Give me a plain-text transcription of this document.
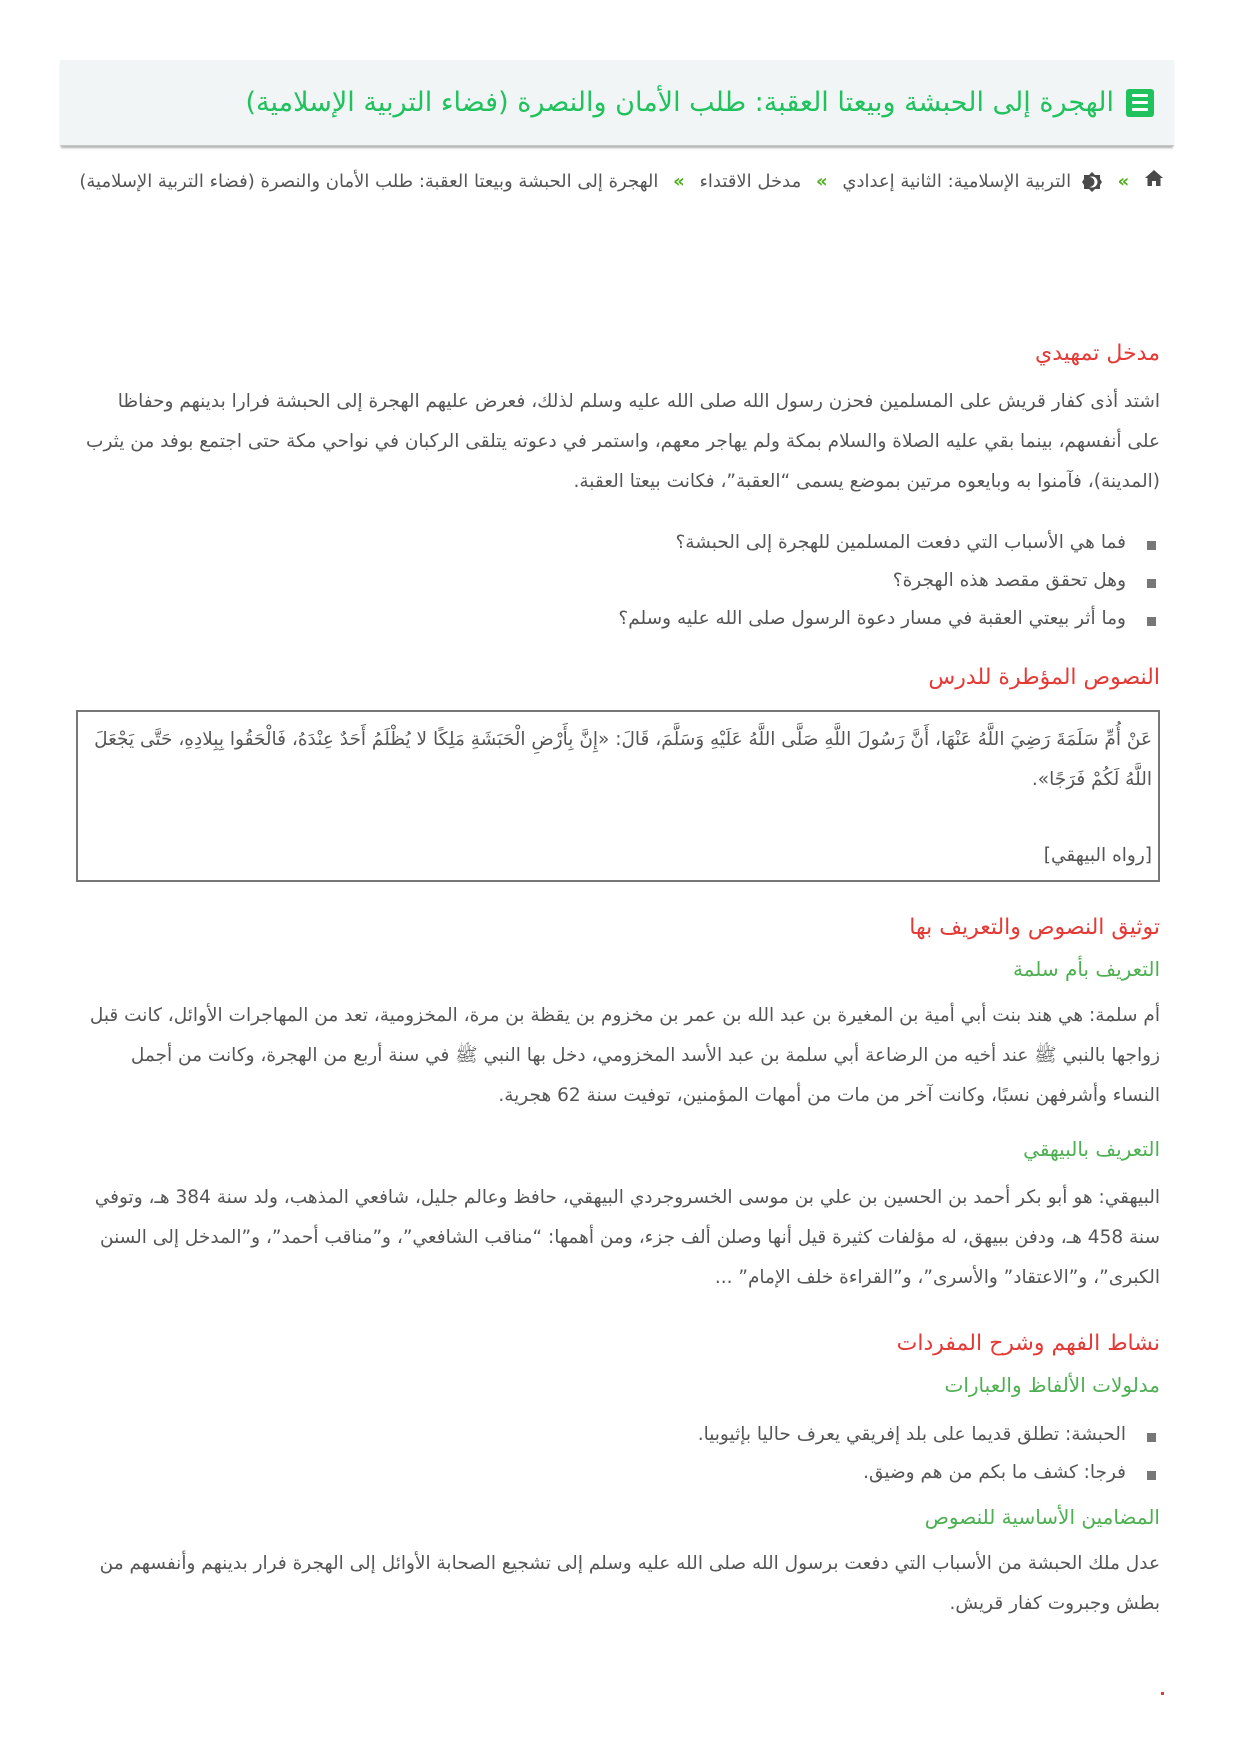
الهجرة إلى الحبشة وبيعتا العقبة: طلب الأمان والنصرة (فضاء التربية الإسلامية)
»  التربية الإسلامية: الثانية إعدادي » مدخل الاقتداء » الهجرة إلى الحبشة وبيعتا العقبة: طلب الأمان والنصرة (فضاء التربية الإسلامية)
مدخل تمهيدي

اشتد أذى كفار قريش على المسلمين فحزن رسول الله صلى الله عليه وسلم لذلك، فعرض عليهم الهجرة إلى الحبشة فرارا بدينهم وحفاظا على أنفسهم، بينما بقي عليه الصلاة والسلام بمكة ولم يهاجر معهم، واستمر في دعوته يتلقى الركبان في نواحي مكة حتى اجتمع بوفد من يثرب (المدينة)، فآمنوا به وبايعوه مرتين بموضع يسمى “العقبة”، فكانت بيعتا العقبة.

فما هي الأسباب التي دفعت المسلمين للهجرة إلى الحبشة؟
وهل تحقق مقصد هذه الهجرة؟
وما أثر بيعتي العقبة في مسار دعوة الرسول صلى الله عليه وسلم؟
النصوص المؤطرة للدرس

عَنْ أُمِّ سَلَمَةَ رَضِيَ اللَّهُ عَنْهَا، أَنَّ رَسُولَ اللَّهِ صَلَّى اللَّهُ عَلَيْهِ وَسَلَّمَ، قَالَ: «إِنَّ بِأَرْضِ الْحَبَشَةِ مَلِكًا لا يُظْلَمُ أَحَدٌ عِنْدَهُ، فَالْحَقُوا بِبِلادِهِ، حَتَّى يَجْعَلَ اللَّهُ لَكُمْ فَرَجًا».

[رواه البيهقي]

توثيق النصوص والتعريف بها
التعريف بأم سلمة

أم سلمة: هي هند بنت أبي أمية بن المغيرة بن عبد الله بن عمر بن مخزوم بن يقظة بن مرة، المخزومية، تعد من المهاجرات الأوائل، كانت قبل زواجها بالنبي ﷺ عند أخيه من الرضاعة أبي سلمة بن عبد الأسد المخزومي، دخل بها النبي ﷺ في سنة أربع من الهجرة، وكانت من أجمل النساء وأشرفهن نسبًا، وكانت آخر من مات من أمهات المؤمنين، توفيت سنة 62 هجرية.

التعريف بالبيهقي

البيهقي: هو أبو بكر أحمد بن الحسين بن علي بن موسى الخسروجردي البيهقي، حافظ وعالم جليل، شافعي المذهب، ولد سنة 384 هـ، وتوفي سنة 458 هـ، ودفن ببيهق، له مؤلفات كثيرة قيل أنها وصلن ألف جزء، ومن أهمها: “مناقب الشافعي”، و”مناقب أحمد”، و”المدخل إلى السنن الكبرى”، و”الاعتقاد” والأسرى”، و”القراءة خلف الإمام” ...

نشاط الفهم وشرح المفردات
مدلولات الألفاظ والعبارات
الحبشة: تطلق قديما على بلد إفريقي يعرف حاليا بإثيوبيا.
فرجا: كشف ما بكم من هم وضيق.
المضامين الأساسية للنصوص

عدل ملك الحبشة من الأسباب التي دفعت برسول الله صلى الله عليه وسلم إلى تشجيع الصحابة الأوائل إلى الهجرة فرار بدينهم وأنفسهم من بطش وجبروت كفار قريش.
